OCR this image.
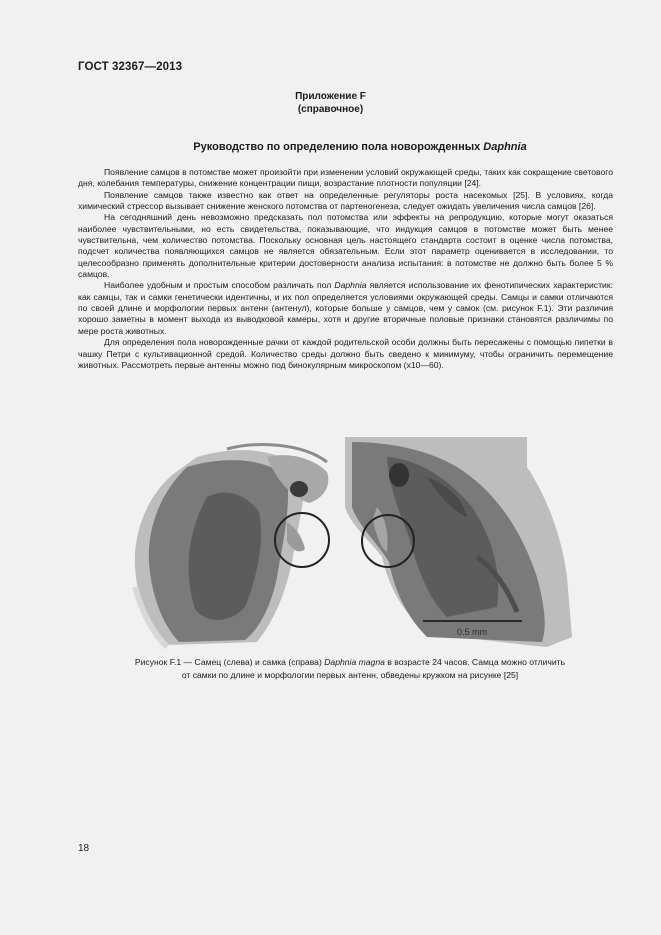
ГОСТ 32367—2013
Приложение F
(справочное)
Руководство по определению пола новорожденных Daphnia

Появление самцов в потомстве может произойти при изменении условий окружающей среды, таких как сокращение светового дня, колебания температуры, снижение концентрации пищи, возрастание плотности популяции [24].

Появление самцов также известно как ответ на определенные регуляторы роста насекомых [25]. В условиях, когда химический стрессор вызывает снижение женского потомства от партеногенеза, следует ожидать увеличения числа самцов [26].

На сегодняшний день невозможно предсказать пол потомства или эффекты на репродукцию, которые могут оказаться наиболее чувствительными, но есть свидетельства, показывающие, что индукция самцов в потомстве может быть менее чувствительна, чем количество потомства. Поскольку основная цель настоящего стандарта состоит в оценке числа потомства, подсчет количества появляющихся самцов не является обязательным. Если этот параметр оценивается в исследовании, то целесообразно применять дополнительные критерии достоверности анализа испытания: в потомстве не должно быть более 5 % самцов.

Наиболее удобным и простым способом различать пол Daphnia является использование их фенотипических характеристик: как самцы, так и самки генетически идентичны, и их пол определяется условиями окружающей среды. Самцы и самки отличаются по своей длине и морфологии первых антенн (антенул), которые больше у самцов, чем у самок (см. рисунок F.1). Эти различия хорошо заметны в момент выхода из выводковой камеры, хотя и другие вторичные половые признаки становятся различимы по мере роста животных.

Для определения пола новорожденные рачки от каждой родительской особи должны быть пересажены с помощью пипетки в чашку Петри с культивационной средой. Количество среды должно быть сведено к минимуму, чтобы ограничить перемещение животных. Рассмотреть первые антенны можно под бинокулярным микроскопом (х10—60).

0.5 mm
Рисунок F.1 — Самец (слева) и самка (справа) Daphnia magna в возрасте 24 часов. Самца можно отличить
от самки по длине и морфологии первых антенн, обведены кружком на рисунке [25]
18
